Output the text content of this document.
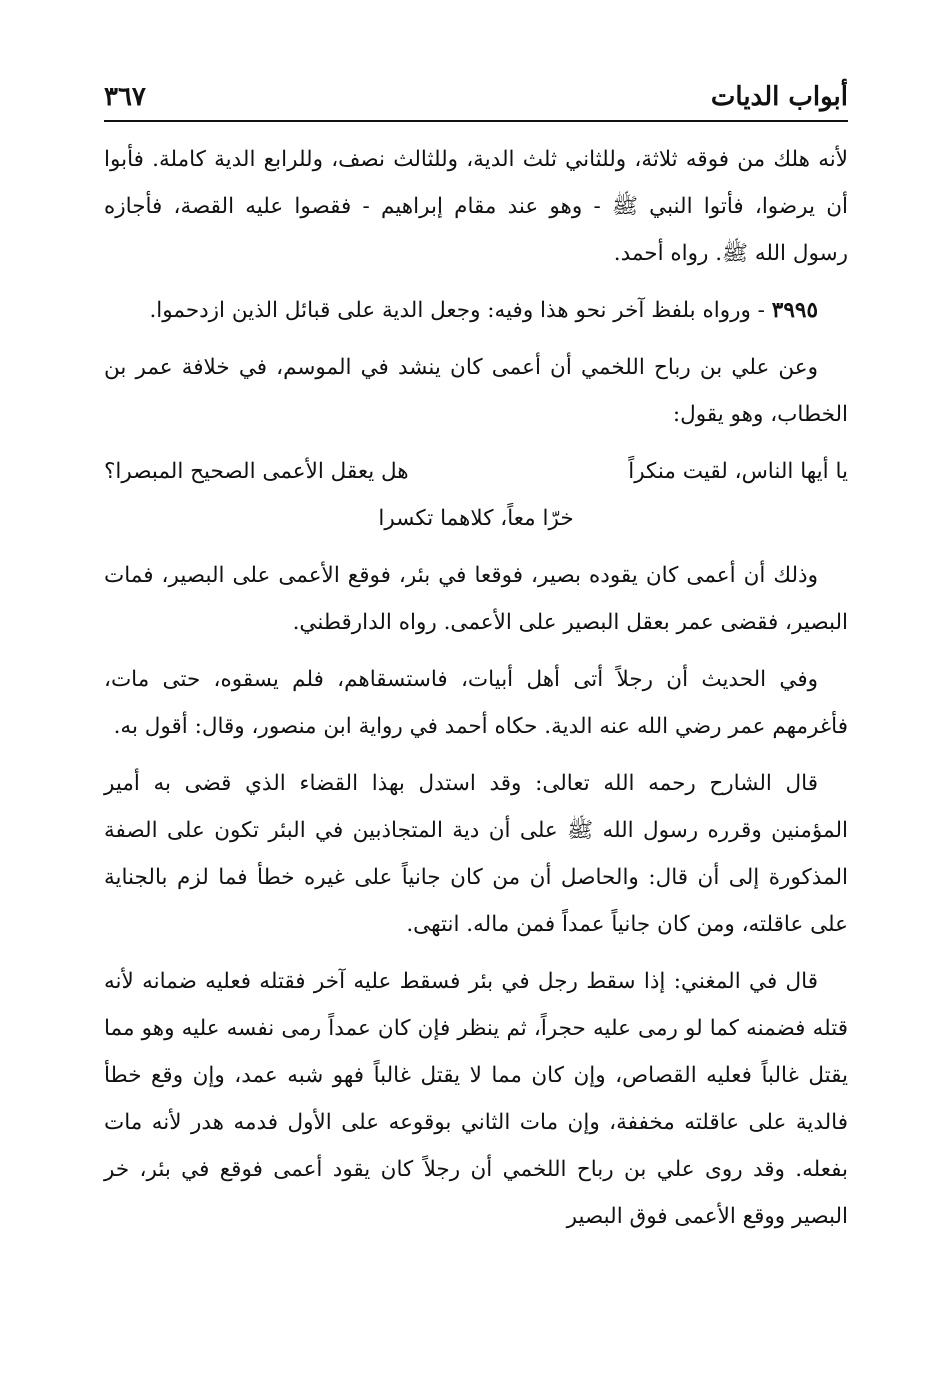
أبواب الديات
٣٦٧

لأنه هلك من فوقه ثلاثة، وللثاني ثلث الدية، وللثالث نصف، وللرابع الدية كاملة. فأبوا أن يرضوا، فأتوا النبي ﷺ - وهو عند مقام إبراهيم - فقصوا عليه القصة، فأجازه رسول الله ﷺ. رواه أحمد.

٣٩٩٥ - ورواه بلفظ آخر نحو هذا وفيه: وجعل الدية على قبائل الذين ازدحموا.

وعن علي بن رباح اللخمي أن أعمى كان ينشد في الموسم، في خلافة عمر بن الخطاب، وهو يقول:

يا أيها الناس، لقيت منكراً
هل يعقل الأعمى الصحيح المبصرا؟
خرّا معاً، كلاهما تكسرا

وذلك أن أعمى كان يقوده بصير، فوقعا في بئر، فوقع الأعمى على البصير، فمات البصير، فقضى عمر بعقل البصير على الأعمى. رواه الدارقطني.

وفي الحديث أن رجلاً أتى أهل أبيات، فاستسقاهم، فلم يسقوه، حتى مات، فأغرمهم عمر رضي الله عنه الدية. حكاه أحمد في رواية ابن منصور، وقال: أقول به.

قال الشارح رحمه الله تعالى: وقد استدل بهذا القضاء الذي قضى به أمير المؤمنين وقرره رسول الله ﷺ على أن دية المتجاذبين في البئر تكون على الصفة المذكورة إلى أن قال: والحاصل أن من كان جانياً على غيره خطأ فما لزم بالجناية على عاقلته، ومن كان جانياً عمداً فمن ماله. انتهى.

قال في المغني: إذا سقط رجل في بئر فسقط عليه آخر فقتله فعليه ضمانه لأنه قتله فضمنه كما لو رمى عليه حجراً، ثم ينظر فإن كان عمداً رمى نفسه عليه وهو مما يقتل غالباً فعليه القصاص، وإن كان مما لا يقتل غالباً فهو شبه عمد، وإن وقع خطأ فالدية على عاقلته مخففة، وإن مات الثاني بوقوعه على الأول فدمه هدر لأنه مات بفعله. وقد روى علي بن رباح اللخمي أن رجلاً كان يقود أعمى فوقع في بئر، خر البصير ووقع الأعمى فوق البصير
